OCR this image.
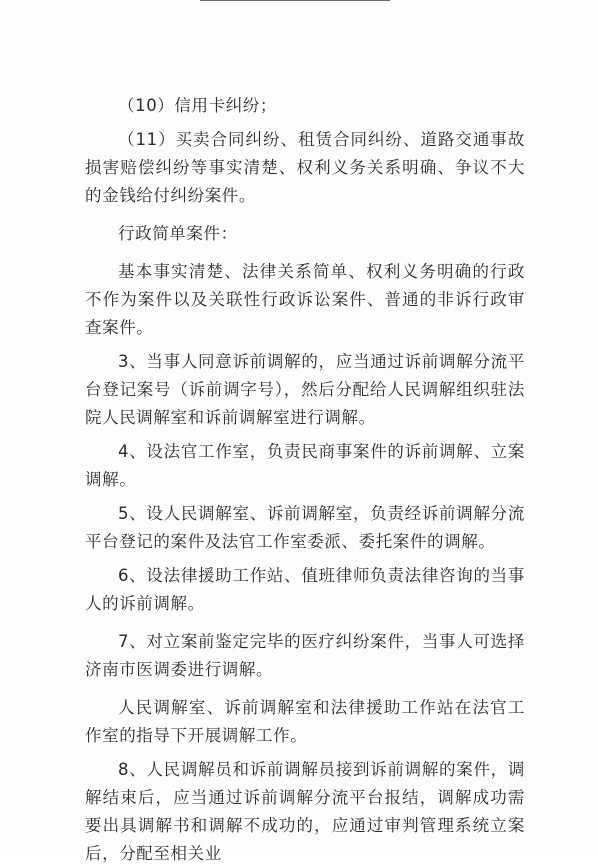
（10）信用卡纠纷；

（11）买卖合同纠纷、租赁合同纠纷、道路交通事故损害赔偿纠纷等事实清楚、权利义务关系明确、争议不大的金钱给付纠纷案件。

行政简单案件：

基本事实清楚、法律关系简单、权利义务明确的行政不作为案件以及关联性行政诉讼案件、普通的非诉行政审查案件。

3、当事人同意诉前调解的，应当通过诉前调解分流平台登记案号（诉前调字号），然后分配给人民调解组织驻法院人民调解室和诉前调解室进行调解。

4、设法官工作室，负责民商事案件的诉前调解、立案调解。

5、设人民调解室、诉前调解室，负责经诉前调解分流平台登记的案件及法官工作室委派、委托案件的调解。

6、设法律援助工作站、值班律师负责法律咨询的当事人的诉前调解。

7、对立案前鉴定完毕的医疗纠纷案件，当事人可选择济南市医调委进行调解。

人民调解室、诉前调解室和法律援助工作站在法官工作室的指导下开展调解工作。

8、人民调解员和诉前调解员接到诉前调解的案件，调解结束后，应当通过诉前调解分流平台报结，调解成功需要出具调解书和调解不成功的，应通过审判管理系统立案后，分配至相关业
